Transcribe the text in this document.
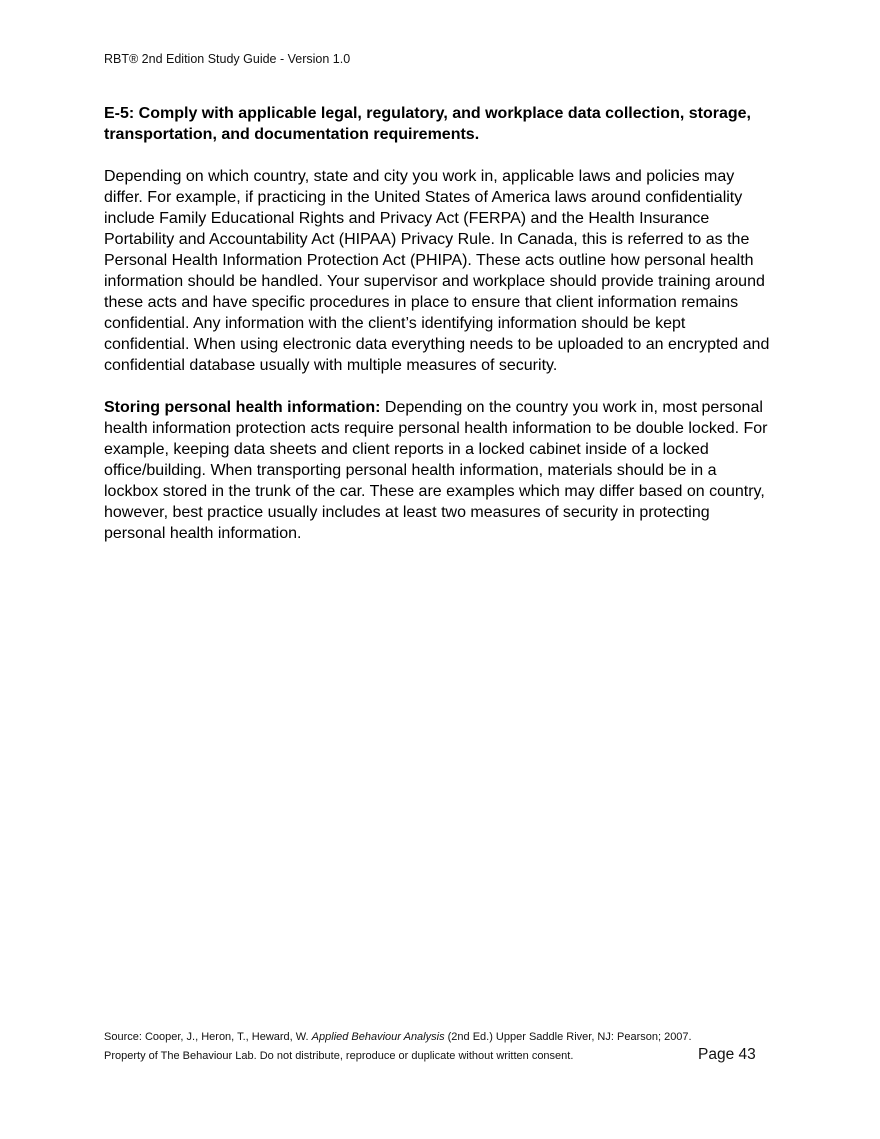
RBT® 2nd Edition Study Guide - Version 1.0

E-5: Comply with applicable legal, regulatory, and workplace data collection, storage, transportation, and documentation requirements.

Depending on which country, state and city you work in, applicable laws and policies may differ. For example, if practicing in the United States of America laws around confidentiality include Family Educational Rights and Privacy Act (FERPA) and the Health Insurance Portability and Accountability Act (HIPAA) Privacy Rule. In Canada, this is referred to as the Personal Health Information Protection Act (PHIPA). These acts outline how personal health information should be handled. Your supervisor and workplace should provide training around these acts and have specific procedures in place to ensure that client information remains confidential. Any information with the client’s identifying information should be kept confidential. When using electronic data everything needs to be uploaded to an encrypted and confidential database usually with multiple measures of security.

Storing personal health information: Depending on the country you work in, most personal health information protection acts require personal health information to be double locked. For example, keeping data sheets and client reports in a locked cabinet inside of a locked office/building. When transporting personal health information, materials should be in a lockbox stored in the trunk of the car. These are examples which may differ based on country, however, best practice usually includes at least two measures of security in protecting personal health information.

Source: Cooper, J., Heron, T., Heward, W. Applied Behaviour Analysis (2nd Ed.) Upper Saddle River, NJ: Pearson; 2007.
Property of The Behaviour Lab. Do not distribute, reproduce or duplicate without written consent.	Page 43
